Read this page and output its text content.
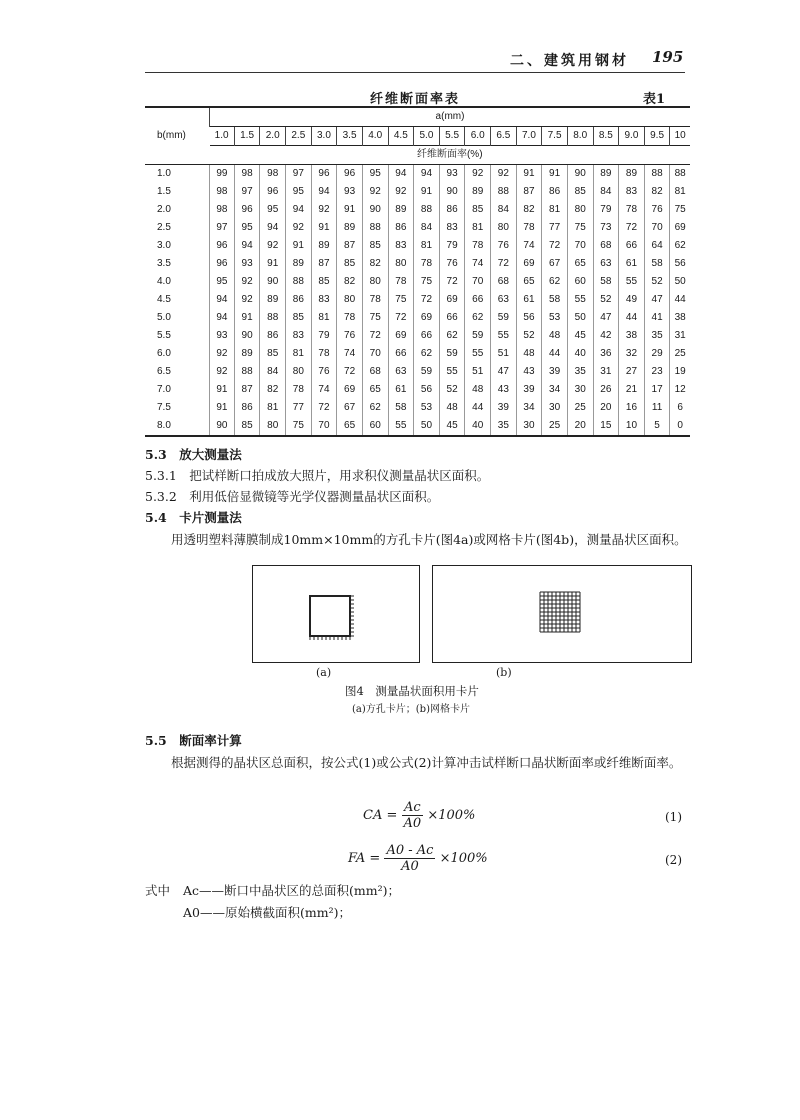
二、建筑用钢材 195
纤维断面率表	表1
b(mm)	a(mm)																		
	1.0	1.5	2.0	2.5	3.0	3.5	4.0	4.5	5.0	5.5	6.0	6.5	7.0	7.5	8.0	8.5	9.0	9.5	10
	纤维断面率(%)																		
1.0	99	98	98	97	96	96	95	94	94	93	92	92	91	91	90	89	89	88	88
1.5	98	97	96	95	94	93	92	92	91	90	89	88	87	86	85	84	83	82	81
2.0	98	96	95	94	92	91	90	89	88	86	85	84	82	81	80	79	78	76	75
2.5	97	95	94	92	91	89	88	86	84	83	81	80	78	77	75	73	72	70	69
3.0	96	94	92	91	89	87	85	83	81	79	78	76	74	72	70	68	66	64	62
3.5	96	93	91	89	87	85	82	80	78	76	74	72	69	67	65	63	61	58	56
4.0	95	92	90	88	85	82	80	78	75	72	70	68	65	62	60	58	55	52	50
4.5	94	92	89	86	83	80	78	75	72	69	66	63	61	58	55	52	49	47	44
5.0	94	91	88	85	81	78	75	72	69	66	62	59	56	53	50	47	44	41	38
5.5	93	90	86	83	79	76	72	69	66	62	59	55	52	48	45	42	38	35	31
6.0	92	89	85	81	78	74	70	66	62	59	55	51	48	44	40	36	32	29	25
6.5	92	88	84	80	76	72	68	63	59	55	51	47	43	39	35	31	27	23	19
7.0	91	87	82	78	74	69	65	61	56	52	48	43	39	34	30	26	21	17	12
7.5	91	86	81	77	72	67	62	58	53	48	44	39	34	30	25	20	16	11	6
8.0	90	85	80	75	70	65	60	55	50	45	40	35	30	25	20	15	10	5	0
5.3　放大测量法
5.3.1　把试样断口拍成放大照片，用求积仪测量晶状区面积。
5.3.2　利用低倍显微镜等光学仪器测量晶状区面积。
5.4　卡片测量法
用透明塑料薄膜制成10mm×10mm的方孔卡片(图4a)或网格卡片(图4b)，测量晶状区面积。
(a)	(b)
图4　测量晶状面积用卡片
(a)方孔卡片；(b)网格卡片
5.5　断面率计算
根据测得的晶状区总面积，按公式(1)或公式(2)计算冲击试样断口晶状断面率或纤维断面率。
CA = $\frac{Ac}{A0} \times 100\%$	(1)
FA = $\frac{A0 - Ac}{A0} \times 100\%$	(2)
式中 Ac——断口中晶状区的总面积(mm²)；
A0——原始横截面积(mm²)；
